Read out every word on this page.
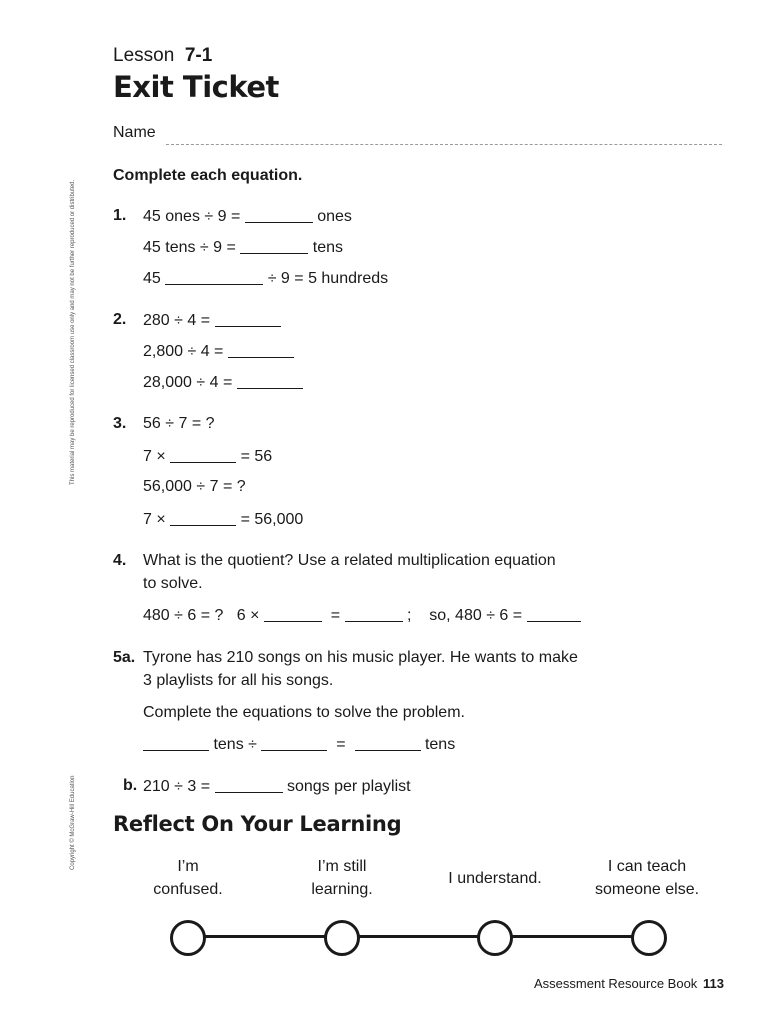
This material may be reproduced for licensed classroom use only and may not be further reproduced or distributed.
Copyright © McGraw-Hill Education
Lesson 7-1
Exit Ticket
Name
Complete each equation.
1. 45 ones ÷ 9 =	ones
45 tens ÷ 9 =	tens
45	÷ 9 = 5 hundreds
2. 280 ÷ 4 =
2,800 ÷ 4 =
28,000 ÷ 4 =
3. 56 ÷ 7 = ?
7 ×	= 56
56,000 ÷ 7 = ?
7 ×	= 56,000
4. What is the quotient? Use a related multiplication equation
to solve.
480 ÷ 6 = ? 6 ×	=	; so, 480 ÷ 6 =
5a. Tyrone has 210 songs on his music player. He wants to make
3 playlists for all his songs.
Complete the equations to solve the problem.
tens ÷	=	tens
b. 210 ÷ 3 =	songs per playlist
Reflect On Your Learning
I’m
confused.
I’m still
learning.
I understand.
I can teach
someone else.
Assessment Resource Book 113
